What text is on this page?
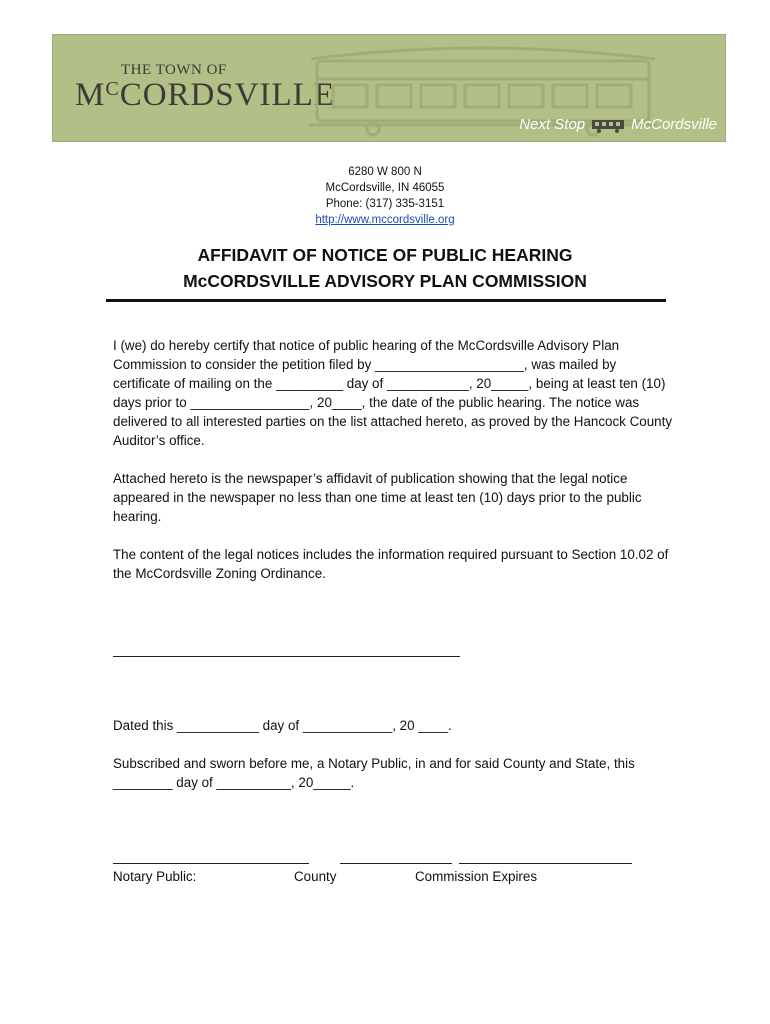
THE TOWN OF
$M^CCORDSVILLE$
Next Stop	McCordsville
6280 W 800 N
McCordsville, IN 46055
Phone: (317) 335-3151
http://www.mccordsville.org
AFFIDAVIT OF NOTICE OF PUBLIC HEARING
McCORDSVILLE ADVISORY PLAN COMMISSION
I (we) do hereby certify that notice of public hearing of the McCordsville Advisory Plan Commission to consider the petition filed by ____________________, was mailed by certificate of mailing on the _________ day of ___________, 20_____, being at least ten (10) days prior to ________________, 20____, the date of the public hearing. The notice was delivered to all interested parties on the list attached hereto, as proved by the Hancock County Auditor’s office.
Attached hereto is the newspaper’s affidavit of publication showing that the legal notice appeared in the newspaper no less than one time at least ten (10) days prior to the public hearing.
The content of the legal notices includes the information required pursuant to Section 10.02 of the McCordsville Zoning Ordinance.
Dated this ___________ day of ____________, 20 ____.
Subscribed and sworn before me, a Notary Public, in and for said County and State, this
________ day of __________, 20_____.
Notary Public:	County	Commission Expires
